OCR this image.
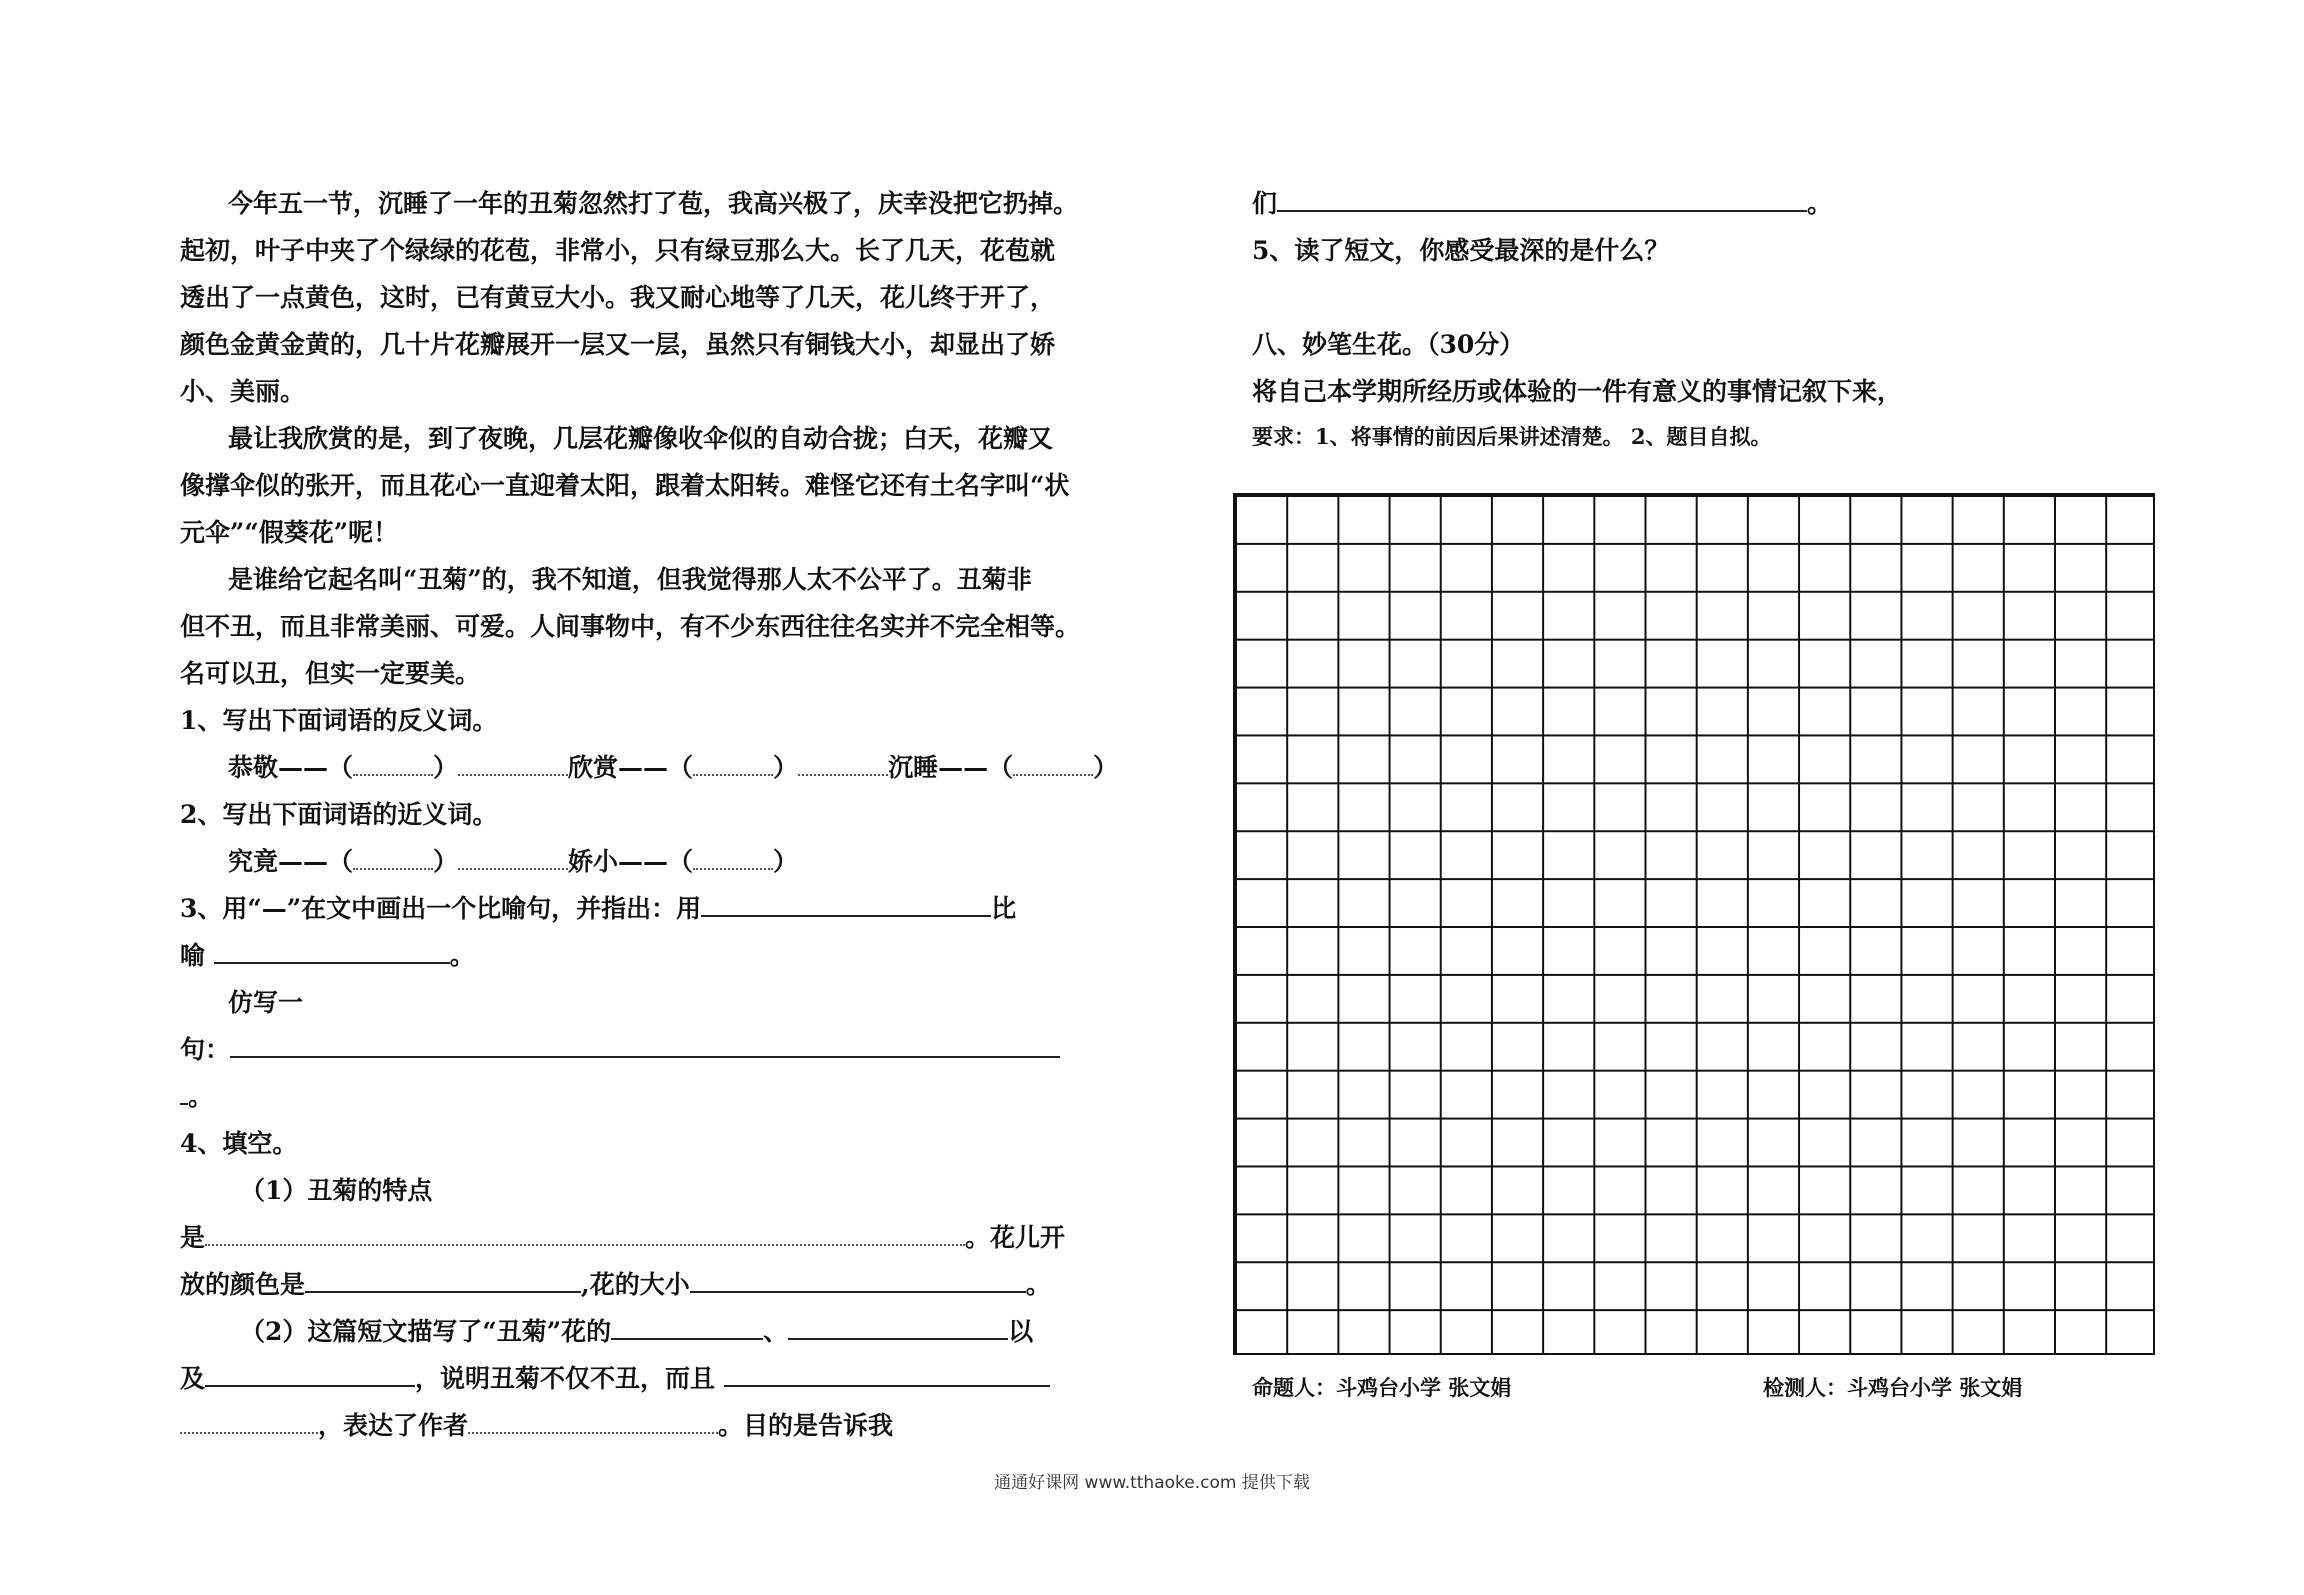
今年五一节，沉睡了一年的丑菊忽然打了苞，我高兴极了，庆幸没把它扔掉。
起初，叶子中夹了个绿绿的花苞，非常小，只有绿豆那么大。长了几天，花苞就
透出了一点黄色，这时，已有黄豆大小。我又耐心地等了几天，花儿终于开了，
颜色金黄金黄的，几十片花瓣展开一层又一层，虽然只有铜钱大小，却显出了娇
小、美丽。
最让我欣赏的是，到了夜晚，几层花瓣像收伞似的自动合拢；白天，花瓣又
像撑伞似的张开，而且花心一直迎着太阳，跟着太阳转。难怪它还有土名字叫“状
元伞”“假葵花”呢！
是谁给它起名叫“丑菊”的，我不知道，但我觉得那人太不公平了。丑菊非
但不丑，而且非常美丽、可爱。人间事物中，有不少东西往往名实并不完全相等。
名可以丑，但实一定要美。
1、写出下面词语的反义词。
恭敬——（	）	欣赏——（	）	沉睡——（	）
2、写出下面词语的近义词。
究竟——（	）	娇小——（	）
3、用“—”在文中画出一个比喻句，并指出：用	比
喻	。
仿写一
句：
。
4、填空。
（1）丑菊的特点
是	。花儿开
放的颜色是	,花的大小	。
（2）这篇短文描写了“丑菊”花的	、	以
及	，说明丑菊不仅不丑，而且
，表达了作者	。目的是告诉我
们	。
5、读了短文，你感受最深的是什么？
八、妙笔生花。（30分）
将自己本学期所经历或体验的一件有意义的事情记叙下来，
要求：1、将事情的前因后果讲述清楚。 2、题目自拟。
命题人：斗鸡台小学 张文娟	检测人：斗鸡台小学 张文娟
通通好课网 www.tthaoke.com 提供下载
